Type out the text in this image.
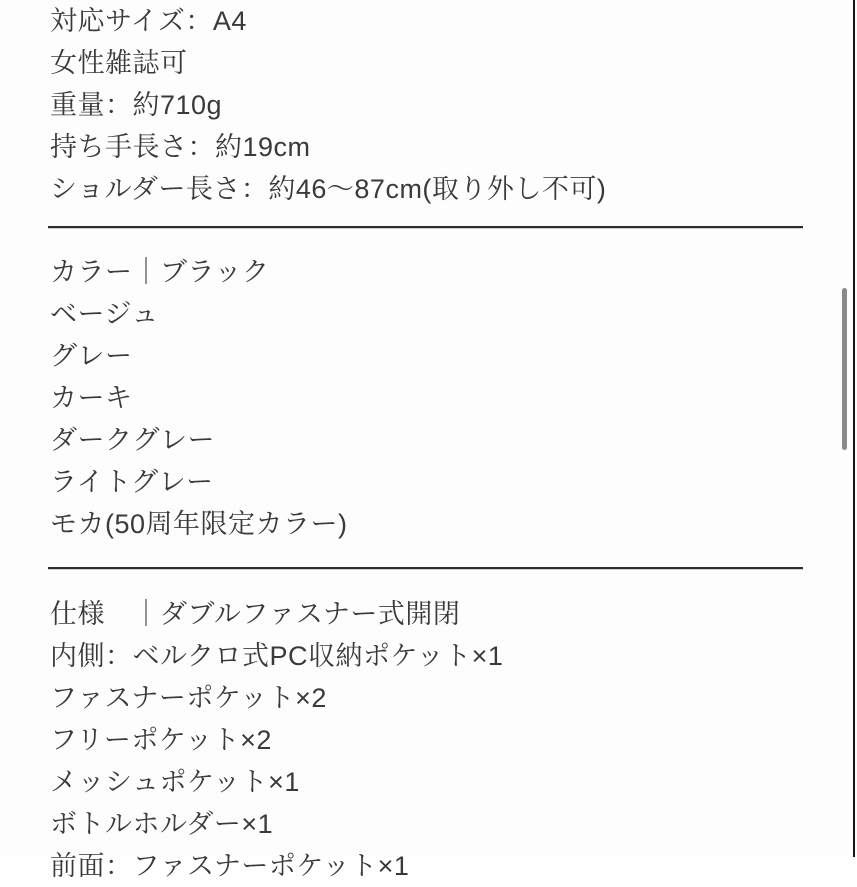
対応サイズ：A4
女性雑誌可
重量：約710g
持ち手長さ：約19cm
ショルダー長さ：約46〜87cm(取り外し不可)
カラー｜ブラック
ベージュ
グレー
カーキ
ダークグレー
ライトグレー
モカ(50周年限定カラー)
仕様　｜ダブルファスナー式開閉
内側：ベルクロ式PC収納ポケット×1
ファスナーポケット×2
フリーポケット×2
メッシュポケット×1
ボトルホルダー×1
前面：ファスナーポケット×1
